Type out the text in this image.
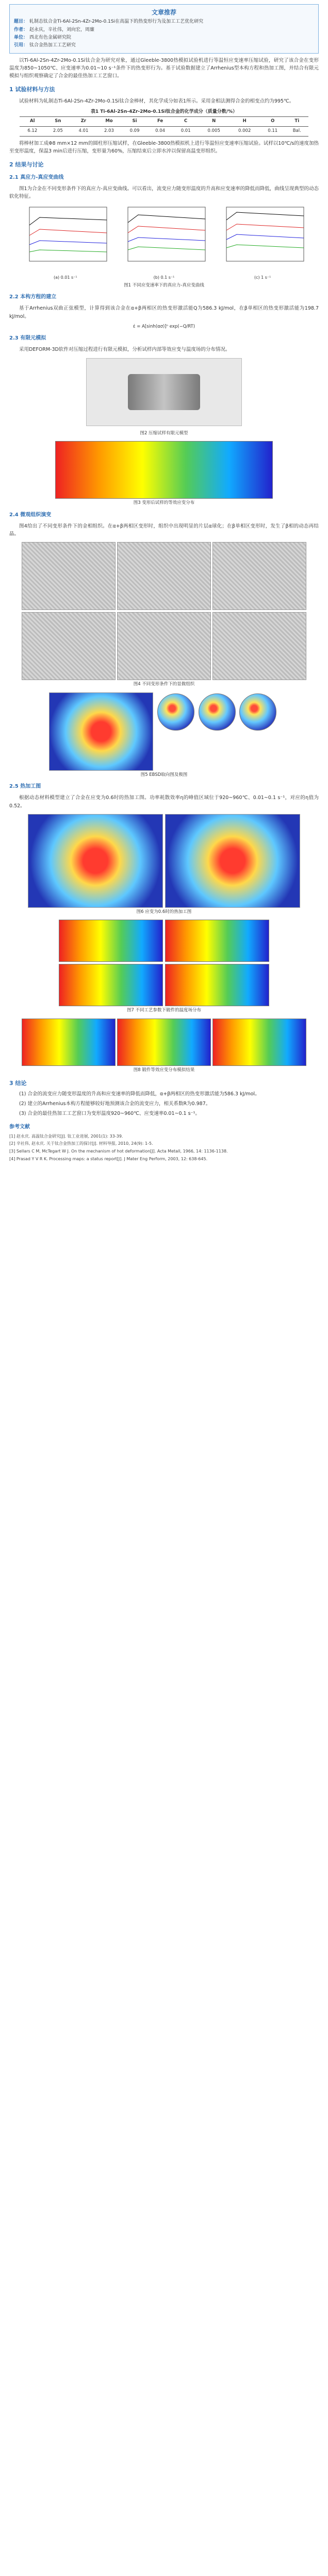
文章推荐
题目： 轧制态钛合金Ti-6Al-2Sn-4Zr-2Mo-0.1Si在高温下的热变形行为及加工工艺优化研究
作者： 赵永庆，辛社伟，刘向宏，周廉
单位： 西北有色金属研究院
引用： 钛合金热加工工艺研究

以Ti-6Al-2Sn-4Zr-2Mo-0.1Si钛合金为研究对象，通过Gleeble-3800热模拟试验机进行等温恒应变速率压缩试验，研究了该合金在变形温度为850~1050℃、应变速率为0.01~10 s⁻¹条件下的热变形行为。基于试验数据建立了Arrhenius型本构方程和热加工图，并结合有限元模拟与组织观察确定了合金的最佳热加工工艺窗口。

1 试验材料与方法

试验材料为轧制态Ti-6Al-2Sn-4Zr-2Mo-0.1Si钛合金棒材，其化学成分如表1所示。采用金相法测得合金的相变点约为995℃。

表1 Ti-6Al-2Sn-4Zr-2Mo-0.1Si钛合金的化学成分（质量分数/%）
Al	Sn	Zr	Mo	Si	Fe	C	N	H	O	Ti
6.12	2.05	4.01	2.03	0.09	0.04	0.01	0.005	0.002	0.11	Bal.

将棒材加工成Φ8 mm×12 mm的圆柱形压缩试样，在Gleeble-3800热模拟机上进行等温恒应变速率压缩试验。试样以10℃/s的速度加热至变形温度，保温3 min后进行压缩，变形量为60%，压缩结束后立即水淬以保留高温变形组织。

2 结果与讨论
2.1 真应力-真应变曲线

图1为合金在不同变形条件下的真应力-真应变曲线。可以看出，流变应力随变形温度的升高和应变速率的降低而降低，曲线呈现典型的动态软化特征。

(a) 0.01 s⁻¹
	(b) 0.1 s⁻¹
	(c) 1 s⁻¹
图1 不同应变速率下的真应力-真应变曲线
2.2 本构方程的建立

基于Arrhenius双曲正弦模型，计算得到该合金在α+β两相区的热变形激活能Q为586.3 kJ/mol，在β单相区的热变形激活能为198.7 kJ/mol。

ε̇ = A[sinh(ασ)]ⁿ exp(−Q/RT)
2.3 有限元模拟

采用DEFORM-3D软件对压缩过程进行有限元模拟，分析试样内部等效应变与温度场的分布情况。

图2 压缩试样有限元模型
图3 变形后试样的等效应变分布
2.4 微观组织演变

图4给出了不同变形条件下的金相组织。在α+β两相区变形时，组织中出现明显的片层α球化；在β单相区变形时，发生了β相的动态再结晶。

图4 不同变形条件下的显微组织

图5 EBSD取向图及极图
2.5 热加工图

根据动态材料模型建立了合金在应变为0.6时的热加工图。功率耗散效率η的峰值区域位于920~960℃、0.01~0.1 s⁻¹，对应的η值为0.52。

图6 应变为0.6时的热加工图

图7 不同工艺参数下锻件的温度场分布

图8 锻件等效应变分布模拟结果
3 结论

(1) 合金的流变应力随变形温度的升高和应变速率的降低而降低，α+β两相区的热变形激活能为586.3 kJ/mol。

(2) 建立的Arrhenius本构方程能够较好地预测该合金的流变应力，相关系数R为0.987。

(3) 合金的最佳热加工工艺窗口为变形温度920~960℃、应变速率0.01~0.1 s⁻¹。

参考文献

[1] 赵永庆. 高温钛合金研究[J]. 钛工业进展, 2001(1): 33-39.

[2] 辛社伟, 赵永庆. 关于钛合金热加工的探讨[J]. 材料导报, 2010, 24(9): 1-5.

[3] Sellars C M, McTegart W J. On the mechanism of hot deformation[J]. Acta Metall, 1966, 14: 1136-1138.

[4] Prasad Y V R K. Processing maps: a status report[J]. J Mater Eng Perform, 2003, 12: 638-645.
